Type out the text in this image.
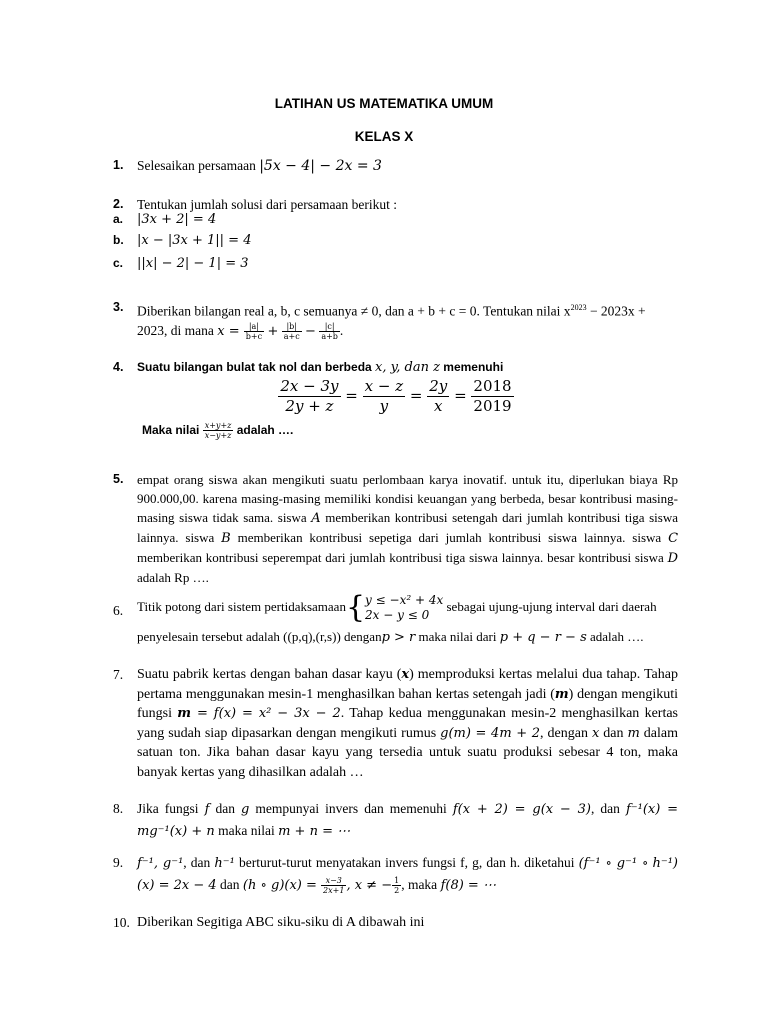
LATIHAN US MATEMATIKA UMUM
KELAS X
1. Selesaikan persamaan |5x − 4| − 2x = 3
2. Tentukan jumlah solusi dari persamaan berikut :
a. |3x + 2| = 4
b. |x − |3x + 1|| = 4
c. ||x| − 2| − 1| = 3
3. Diberikan bilangan real a, b, c semuanya ≠ 0, dan a + b + c = 0. Tentukan nilai $x^{2023} - 2023x$ +
2023, di mana $x = \frac{|a|}{b+c} + \frac{|b|}{a+c} - \frac{|c|}{a+b}$ .
4. Suatu bilangan bulat tak nol dan berbeda x, y, dan z memenuhi
$\frac{2x - 3y}{2y + z} = \frac{x - z}{y} = \frac{2y}{x} = \frac{2018}{2019}$
Maka nilai $\frac{x+y+z}{x-y+z}$ adalah ….
5. empat orang siswa akan mengikuti suatu perlombaan karya inovatif. untuk itu, diperlukan biaya Rp 900.000,00. karena masing-masing memiliki kondisi keuangan yang berbeda, besar kontribusi masing-masing siswa tidak sama. siswa A memberikan kontribusi setengah dari jumlah kontribusi tiga siswa lainnya. siswa B memberikan kontribusi sepetiga dari jumlah kontribusi siswa lainnya. siswa C memberikan kontribusi seperempat dari jumlah kontribusi tiga siswa lainnya. besar kontribusi siswa D adalah Rp ….
6. Titik potong dari sistem pertidaksamaan{ y ≤ −x² + 4x
2x − y ≤ 0
sebagai ujung-ujung interval dari daerah
penyelesain tersebut adalah ((p,q),(r,s)) denganp > r maka nilai dari p + q − r − s adalah ….
7. Suatu pabrik kertas dengan bahan dasar kayu (x) memproduksi kertas melalui dua tahap. Tahap pertama menggunakan mesin-1 menghasilkan bahan kertas setengah jadi (m) dengan mengikuti fungsi m = f(x) = x² − 3x − 2. Tahap kedua menggunakan mesin-2 menghasilkan kertas yang sudah siap dipasarkan dengan mengikuti rumus g(m) = 4m + 2, dengan x dan m dalam satuan ton. Jika bahan dasar kayu yang tersedia untuk suatu produksi sebesar 4 ton, maka banyak kertas yang dihasilkan adalah …
8. Jika fungsi f dan g mempunyai invers dan memenuhi f(x + 2) = g(x − 3), dan f⁻¹(x) = mg⁻¹(x) + n maka nilai m + n = ⋯
9. f⁻¹, g⁻¹, dan h⁻¹ berturut-turut menyatakan invers fungsi f, g, dan h. diketahui (f⁻¹ ∘ g⁻¹ ∘ h⁻¹)(x) = 2x − 4 dan (h ∘ $g)(x) = \frac{x-3}{2x+1}$ , x ≠ − $\frac{1}{2}$ , maka f(8) = ⋯
10. Diberikan Segitiga ABC siku-siku di A dibawah ini
